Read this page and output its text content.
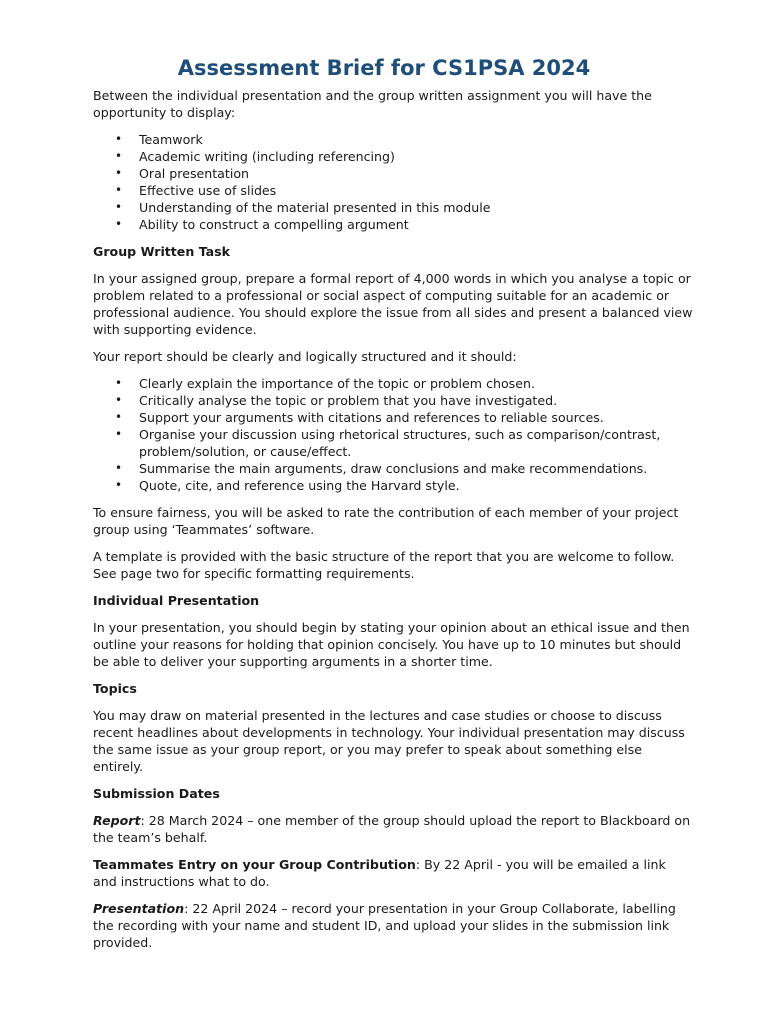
Assessment Brief for CS1PSA 2024

Between the individual presentation and the group written assignment you will have the opportunity to display:

• Teamwork
• Academic writing (including referencing)
• Oral presentation
• Effective use of slides
• Understanding of the material presented in this module
• Ability to construct a compelling argument

Group Written Task

In your assigned group, prepare a formal report of 4,000 words in which you analyse a topic or problem related to a professional or social aspect of computing suitable for an academic or professional audience. You should explore the issue from all sides and present a balanced view with supporting evidence.

Your report should be clearly and logically structured and it should:

• Clearly explain the importance of the topic or problem chosen.
• Critically analyse the topic or problem that you have investigated.
• Support your arguments with citations and references to reliable sources.
• Organise your discussion using rhetorical structures, such as comparison/contrast, problem/solution, or cause/effect.
• Summarise the main arguments, draw conclusions and make recommendations.
• Quote, cite, and reference using the Harvard style.

To ensure fairness, you will be asked to rate the contribution of each member of your project group using ‘Teammates’ software.

A template is provided with the basic structure of the report that you are welcome to follow. See page two for specific formatting requirements.

Individual Presentation

In your presentation, you should begin by stating your opinion about an ethical issue and then outline your reasons for holding that opinion concisely. You have up to 10 minutes but should be able to deliver your supporting arguments in a shorter time.

Topics

You may draw on material presented in the lectures and case studies or choose to discuss recent headlines about developments in technology. Your individual presentation may discuss the same issue as your group report, or you may prefer to speak about something else entirely.

Submission Dates

Report: 28 March 2024 – one member of the group should upload the report to Blackboard on the team’s behalf.

Teammates Entry on your Group Contribution: By 22 April - you will be emailed a link and instructions what to do.

Presentation: 22 April 2024 – record your presentation in your Group Collaborate, labelling the recording with your name and student ID, and upload your slides in the submission link provided.
